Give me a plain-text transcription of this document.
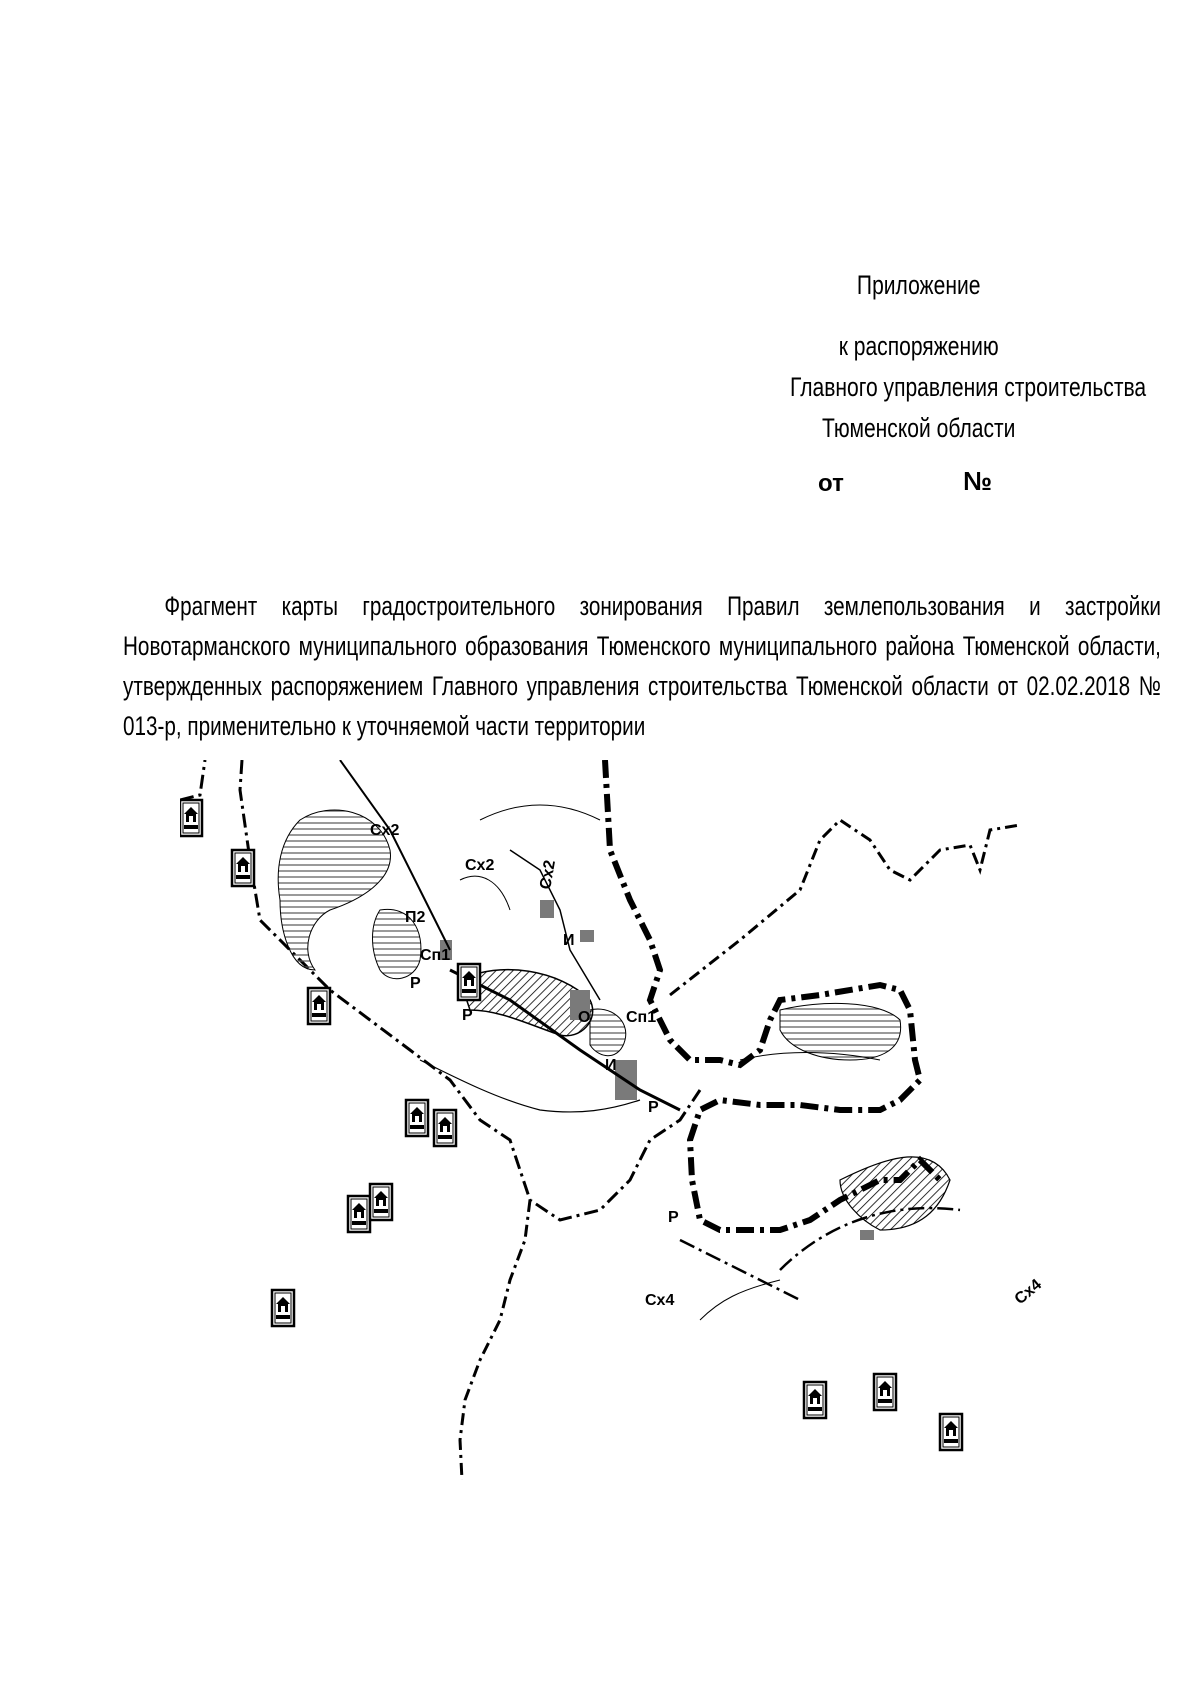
Приложение
к распоряжению
Главного управления строительства
Тюменской области
от	№
Фрагмент карты градостроительного зонирования Правил землепользования и застройки Новотарманского муниципального образования Тюменского муниципального района Тюменской области, утвержденных распоряжением Главного управления строительства Тюменской области от 02.02.2018 № 013-р, применительно к уточняемой части территории
Сх2
Сх2	Сх2
П2
Сп1
Р
Р
И
И
О Сп1
Р
Р
Сх4	Сх4
